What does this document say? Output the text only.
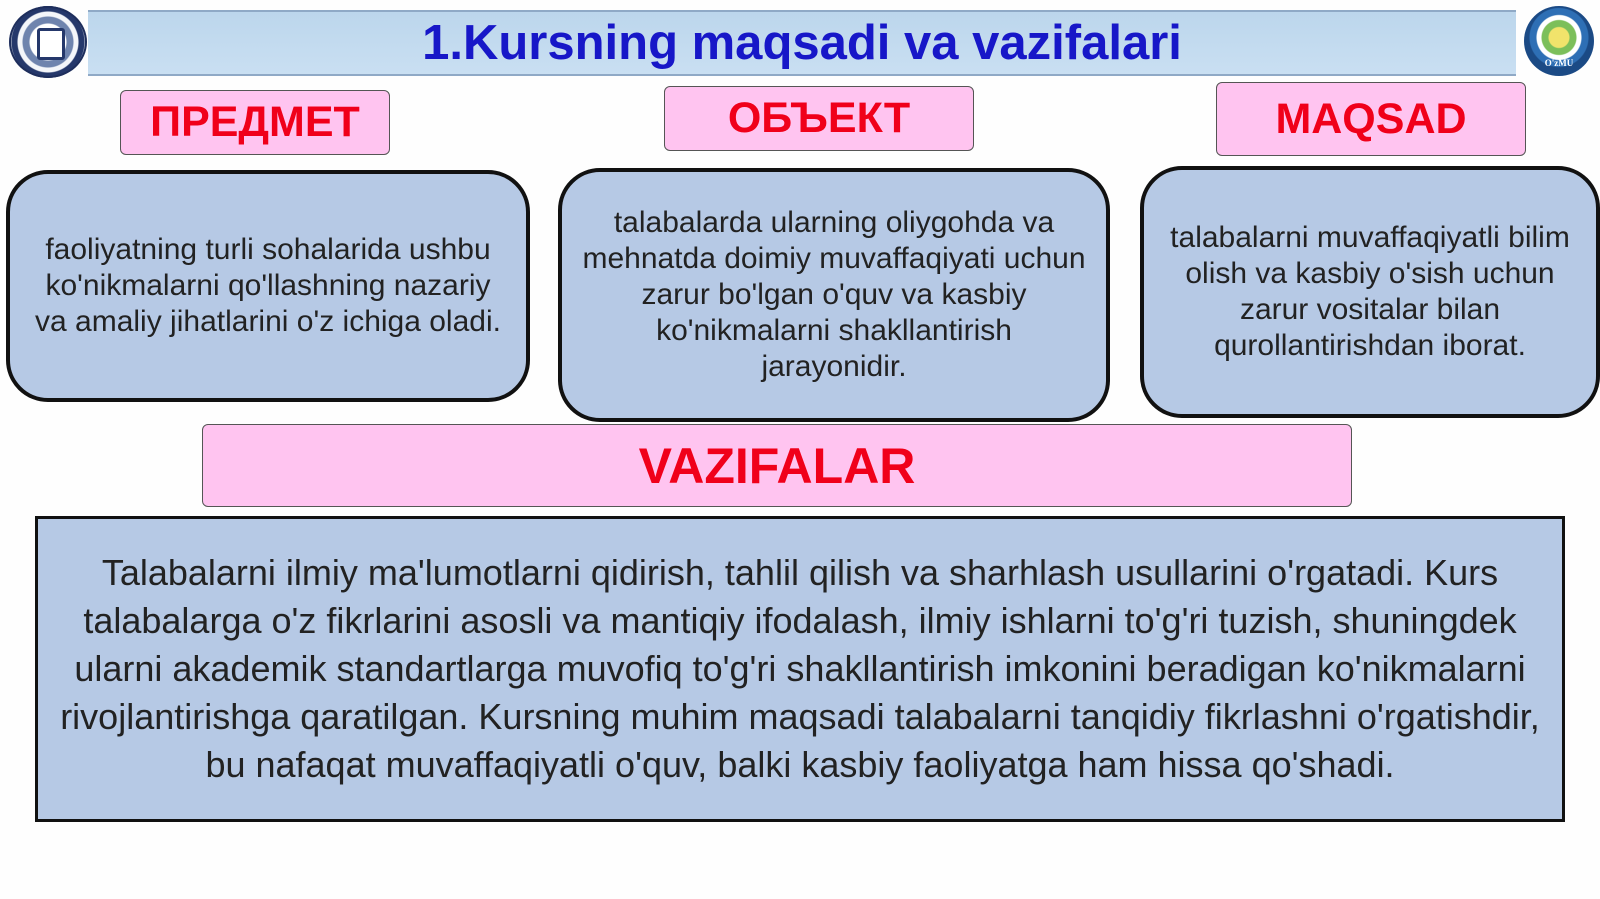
1.Kursning maqsadi va vazifalari	O'zMU
ПРЕДМЕТ	ОБЪЕКТ	MAQSAD
faoliyatning turli sohalarida ushbu ko'nikmalarni qo'llashning nazariy va amaliy jihatlarini o'z ichiga oladi.
talabalarda ularning oliygohda va mehnatda doimiy muvaffaqiyati uchun zarur bo'lgan o'quv va kasbiy ko'nikmalarni shakllantirish jarayonidir.
talabalarni muvaffaqiyatli bilim olish va kasbiy o'sish uchun zarur vositalar bilan qurollantirishdan iborat.
VAZIFALAR
Talabalarni ilmiy ma'lumotlarni qidirish, tahlil qilish va sharhlash usullarini o'rgatadi. Kurs talabalarga o'z fikrlarini asosli va mantiqiy ifodalash, ilmiy ishlarni to'g'ri tuzish, shuningdek ularni akademik standartlarga muvofiq to'g'ri shakllantirish imkonini beradigan ko'nikmalarni rivojlantirishga qaratilgan. Kursning muhim maqsadi talabalarni tanqidiy fikrlashni o'rgatishdir, bu nafaqat muvaffaqiyatli o'quv, balki kasbiy faoliyatga ham hissa qo'shadi.
